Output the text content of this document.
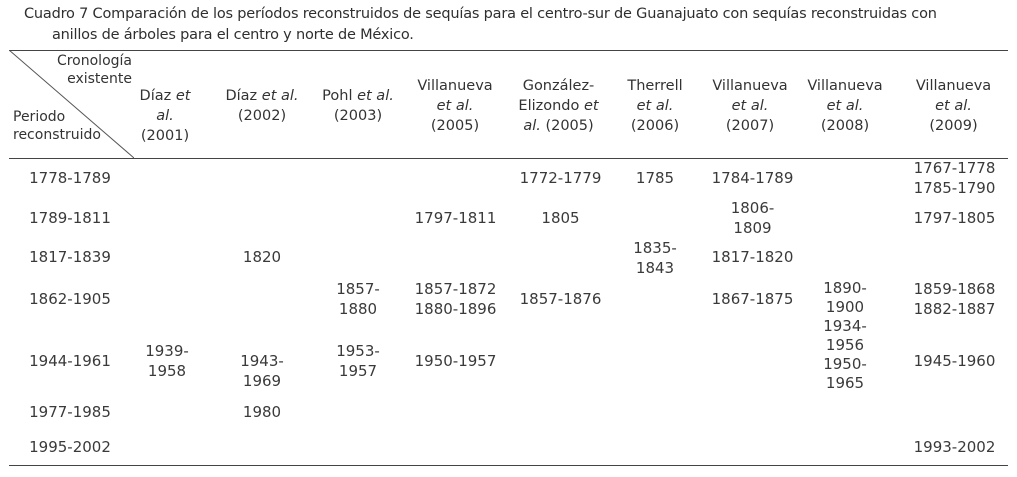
Cuadro 7 Comparación de los períodos reconstruidos de sequías para el centro-sur de Guanajuato con sequías reconstruidas con

anillos de árboles para el centro y norte de México.
Cronología
existente
Periodo
reconstruido
Díaz et al.
(2001)
Díaz et al.
(2002)
Pohl et al.
(2003)
Villanueva
et al.
(2005)
González-
Elizondo et
al. (2005)
Therrell
et al.
(2006)
Villanueva
et al.
(2007)
Villanueva
et al.
(2008)
Villanueva
et al.
(2009)
1778-1789
1789-1811
1817-1839
1862-1905
1944-1961
1977-1985
1995-2002
1939-
1958
1820
1943-1969
1980
1857-
1880
1953-
1957
1797-1811
1857-1872
1880-1896
1950-1957
1772-1779
1805
1857-1876
1785
1835-
1843
1784-1789
1806-
1809
1817-1820
1867-1875
1890-
1900
1934-
1956
1950-
1965
1767-1778
1785-1790
1797-1805
1859-1868
1882-1887
1945-1960
1993-2002
